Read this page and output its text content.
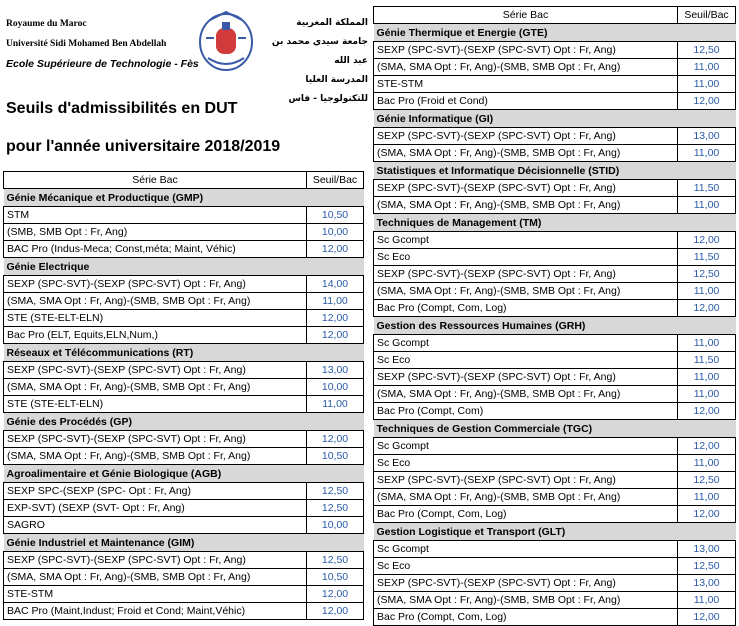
Royaume du Maroc
Université Sidi Mohamed Ben Abdellah
Ecole Supérieure de Technologie - Fès
المملكة المغربية
جامعة سيدي محمد بن عبد الله
المدرسة العليا للتكنولوجيا - فاس
Seuils d'admissibilités en DUT
pour l'année universitaire 2018/2019
Série Bac	Seuil/Bac
Génie Mécanique et Productique (GMP)	
STM	10,50
(SMB, SMB Opt : Fr, Ang)	10,00
BAC Pro (Indus-Meca; Const,méta; Maint, Véhic)	12,00
Génie Electrique	
SEXP (SPC-SVT)-(SEXP (SPC-SVT) Opt : Fr, Ang)	14,00
(SMA, SMA Opt : Fr, Ang)-(SMB, SMB Opt : Fr, Ang)	11,00
STE (STE-ELT-ELN)	12,00
Bac Pro (ELT, Equits,ELN,Num,)	12,00
Réseaux et Télécommunications (RT)	
SEXP (SPC-SVT)-(SEXP (SPC-SVT) Opt : Fr, Ang)	13,00
(SMA, SMA Opt : Fr, Ang)-(SMB, SMB Opt : Fr, Ang)	10,00
STE (STE-ELT-ELN)	11,00
Génie des Procédés (GP)	
SEXP (SPC-SVT)-(SEXP (SPC-SVT) Opt : Fr, Ang)	12,00
(SMA, SMA Opt : Fr, Ang)-(SMB, SMB Opt : Fr, Ang)	10,50
Agroalimentaire et Génie Biologique (AGB)	
SEXP SPC-(SEXP (SPC- Opt : Fr, Ang)	12,50
EXP-SVT) (SEXP (SVT- Opt : Fr, Ang)	12,50
SAGRO	10,00
Génie Industriel et Maintenance (GIM)	
SEXP (SPC-SVT)-(SEXP (SPC-SVT) Opt : Fr, Ang)	12,50
(SMA, SMA Opt : Fr, Ang)-(SMB, SMB Opt : Fr, Ang)	10,50
STE-STM	12,00
BAC Pro (Maint,Indust; Froid et Cond; Maint,Véhic)	12,00
Série Bac	Seuil/Bac
Génie Thermique et Energie (GTE)	
SEXP (SPC-SVT)-(SEXP (SPC-SVT) Opt : Fr, Ang)	12,50
(SMA, SMA Opt : Fr, Ang)-(SMB, SMB Opt : Fr, Ang)	11,00
STE-STM	11,00
Bac Pro (Froid et Cond)	12,00
Génie Informatique (GI)	
SEXP (SPC-SVT)-(SEXP (SPC-SVT) Opt : Fr, Ang)	13,00
(SMA, SMA Opt : Fr, Ang)-(SMB, SMB Opt : Fr, Ang)	11,00
Statistiques et Informatique Décisionnelle (STID)	
SEXP (SPC-SVT)-(SEXP (SPC-SVT) Opt : Fr, Ang)	11,50
(SMA, SMA Opt : Fr, Ang)-(SMB, SMB Opt : Fr, Ang)	11,00
Techniques de Management (TM)	
Sc Gcompt	12,00
Sc Eco	11,50
SEXP (SPC-SVT)-(SEXP (SPC-SVT) Opt : Fr, Ang)	12,50
(SMA, SMA Opt : Fr, Ang)-(SMB, SMB Opt : Fr, Ang)	11,00
Bac Pro (Compt, Com, Log)	12,00
Gestion des Ressources Humaines (GRH)	
Sc Gcompt	11,00
Sc Eco	11,50
SEXP (SPC-SVT)-(SEXP (SPC-SVT) Opt : Fr, Ang)	11,00
(SMA, SMA Opt : Fr, Ang)-(SMB, SMB Opt : Fr, Ang)	11,00
Bac Pro (Compt, Com)	12,00
Techniques de Gestion Commerciale (TGC)	
Sc Gcompt	12,00
Sc Eco	11,00
SEXP (SPC-SVT)-(SEXP (SPC-SVT) Opt : Fr, Ang)	12,50
(SMA, SMA Opt : Fr, Ang)-(SMB, SMB Opt : Fr, Ang)	11,00
Bac Pro (Compt, Com, Log)	12,00
Gestion Logistique et Transport (GLT)	
Sc Gcompt	13,00
Sc Eco	12,50
SEXP (SPC-SVT)-(SEXP (SPC-SVT) Opt : Fr, Ang)	13,00
(SMA, SMA Opt : Fr, Ang)-(SMB, SMB Opt : Fr, Ang)	11,00
Bac Pro (Compt, Com, Log)	12,00
